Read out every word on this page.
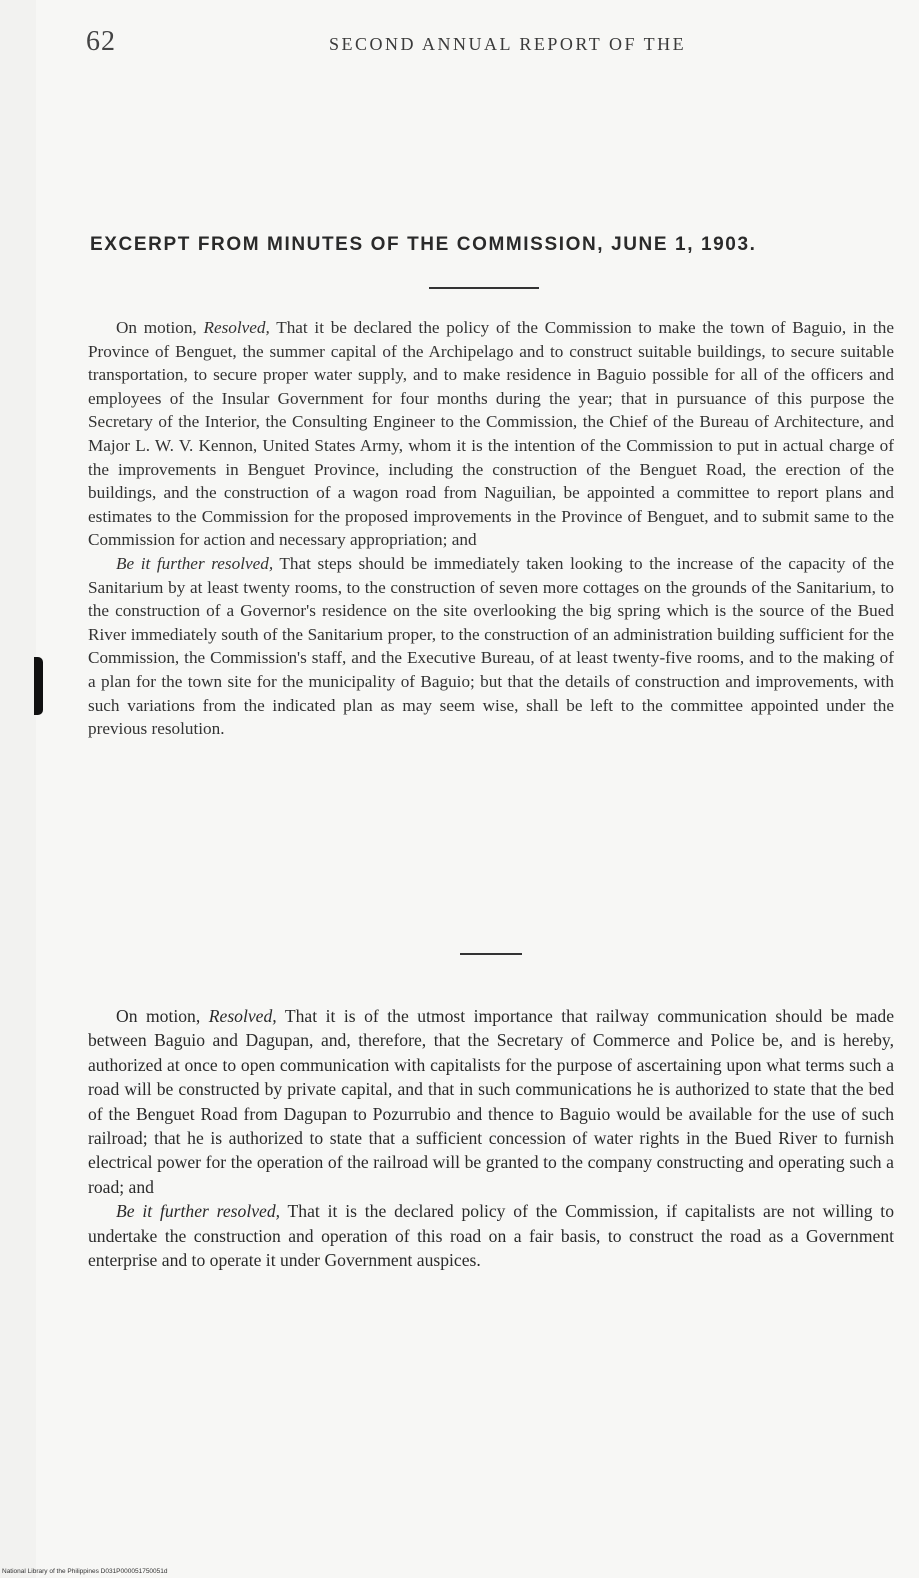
62	SECOND ANNUAL REPORT OF THE
EXCERPT FROM MINUTES OF THE COMMISSION, JUNE 1, 1903.

On motion, Resolved, That it be declared the policy of the Commission to make the town of Baguio, in the Province of Benguet, the summer capital of the Archipelago and to construct suitable buildings, to secure suitable transportation, to secure proper water supply, and to make residence in Baguio possible for all of the officers and employees of the Insular Government for four months during the year; that in pursuance of this purpose the Secretary of the Interior, the Consulting Engineer to the Commission, the Chief of the Bureau of Architecture, and Major L. W. V. Kennon, United States Army, whom it is the intention of the Commission to put in actual charge of the improvements in Benguet Province, including the construction of the Benguet Road, the erection of the buildings, and the construction of a wagon road from Naguilian, be appointed a committee to report plans and estimates to the Commission for the proposed improvements in the Province of Benguet, and to submit same to the Commission for action and necessary appropriation; and

Be it further resolved, That steps should be immediately taken looking to the increase of the capacity of the Sanitarium by at least twenty rooms, to the construction of seven more cottages on the grounds of the Sanitarium, to the construction of a Governor's residence on the site overlooking the big spring which is the source of the Bued River immediately south of the Sanitarium proper, to the construction of an administration building sufficient for the Commission, the Commission's staff, and the Executive Bureau, of at least twenty-five rooms, and to the making of a plan for the town site for the municipality of Baguio; but that the details of construction and improvements, with such variations from the indicated plan as may seem wise, shall be left to the committee appointed under the previous resolution.

On motion, Resolved, That it is of the utmost importance that railway communication should be made between Baguio and Dagupan, and, therefore, that the Secretary of Commerce and Police be, and is hereby, authorized at once to open communication with capitalists for the purpose of ascertaining upon what terms such a road will be constructed by private capital, and that in such communications he is authorized to state that the bed of the Benguet Road from Dagupan to Pozurrubio and thence to Baguio would be available for the use of such railroad; that he is authorized to state that a sufficient concession of water rights in the Bued River to furnish electrical power for the operation of the railroad will be granted to the company constructing and operating such a road; and

Be it further resolved, That it is the declared policy of the Commission, if capitalists are not willing to undertake the construction and operation of this road on a fair basis, to construct the road as a Government enterprise and to operate it under Government auspices.

National Library of the Philippines D031P000051750051d
